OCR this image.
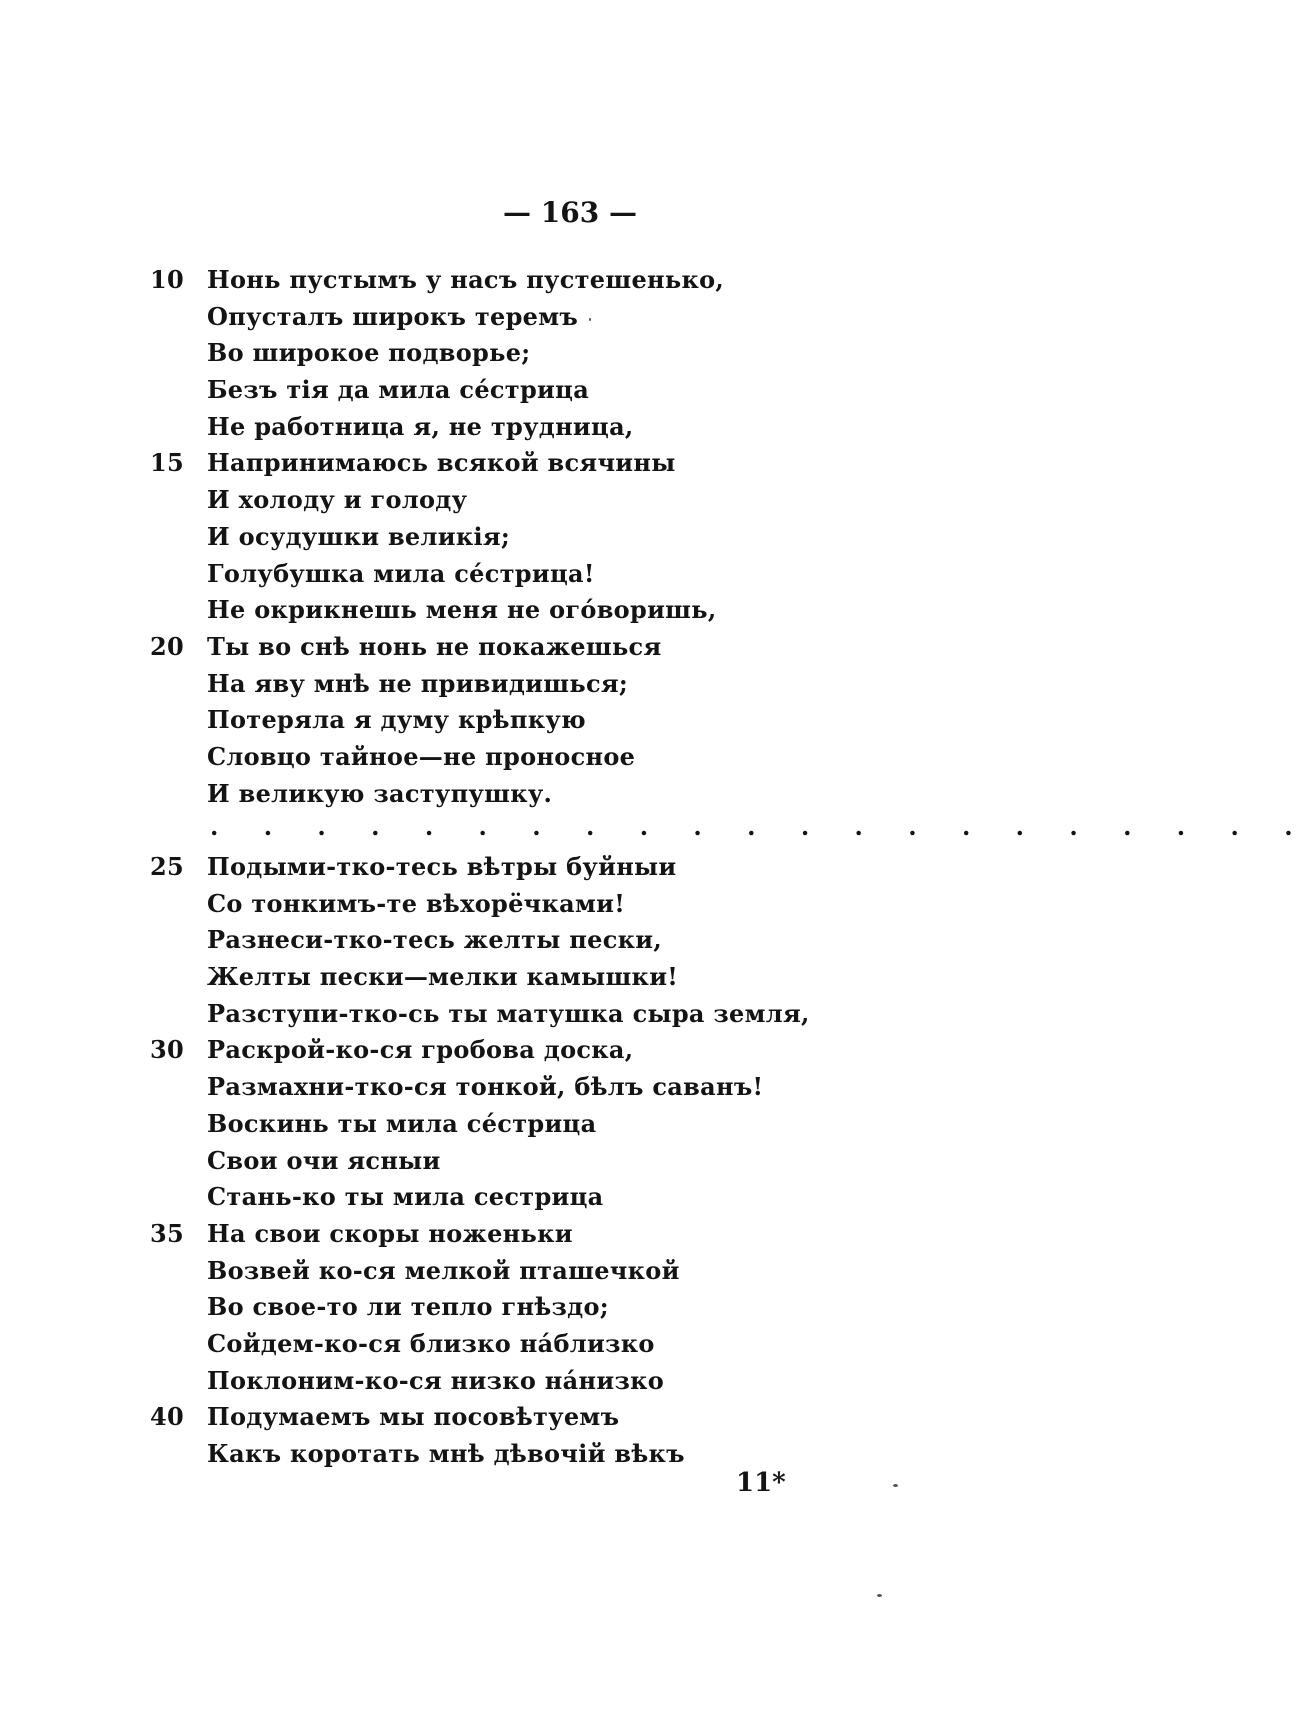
— 163 —
10 Нонь пустымъ у насъ пустешенько,
Опусталъ широкъ теремъ
Во широкое подворье;
Безъ тія да мила се́стрица
Не работница я, не трудница,
15 Напринимаюсь всякой всячины
И холоду и голоду
И осудушки великія;
Голубушка мила се́стрица!
Не окрикнешь меня не ого́воришь,
20 Ты во снѣ нонь не покажешься
На яву мнѣ не привидишься;
Потеряла я думу крѣпкую
Словцо тайное—не проносное
И великую заступушку.
. . . . . . . . . . . . . . . . . . . . .
25 Подыми-тко-тесь вѣтры буйныи
Со тонкимъ-те вѣхорёчками!
Разнеси-тко-тесь желты пески,
Желты пески—мелки камышки!
Разступи-тко-сь ты матушка сыра земля,
30 Раскрой-ко-ся гробова доска,
Размахни-тко-ся тонкой, бѣлъ саванъ!
Воскинь ты мила се́стрица
Свои очи ясныи
Стань-ко ты мила сестрица
35 На свои скоры ноженьки
Возвей ко-ся мелкой пташечкой
Во свое-то ли тепло гнѣздо;
Сойдем-ко-ся близко на́близко
Поклоним-ко-ся низко на́низко
40 Подумаемъ мы посовѣтуемъ
Какъ коротать мнѣ дѣвочій вѣкъ
11*
